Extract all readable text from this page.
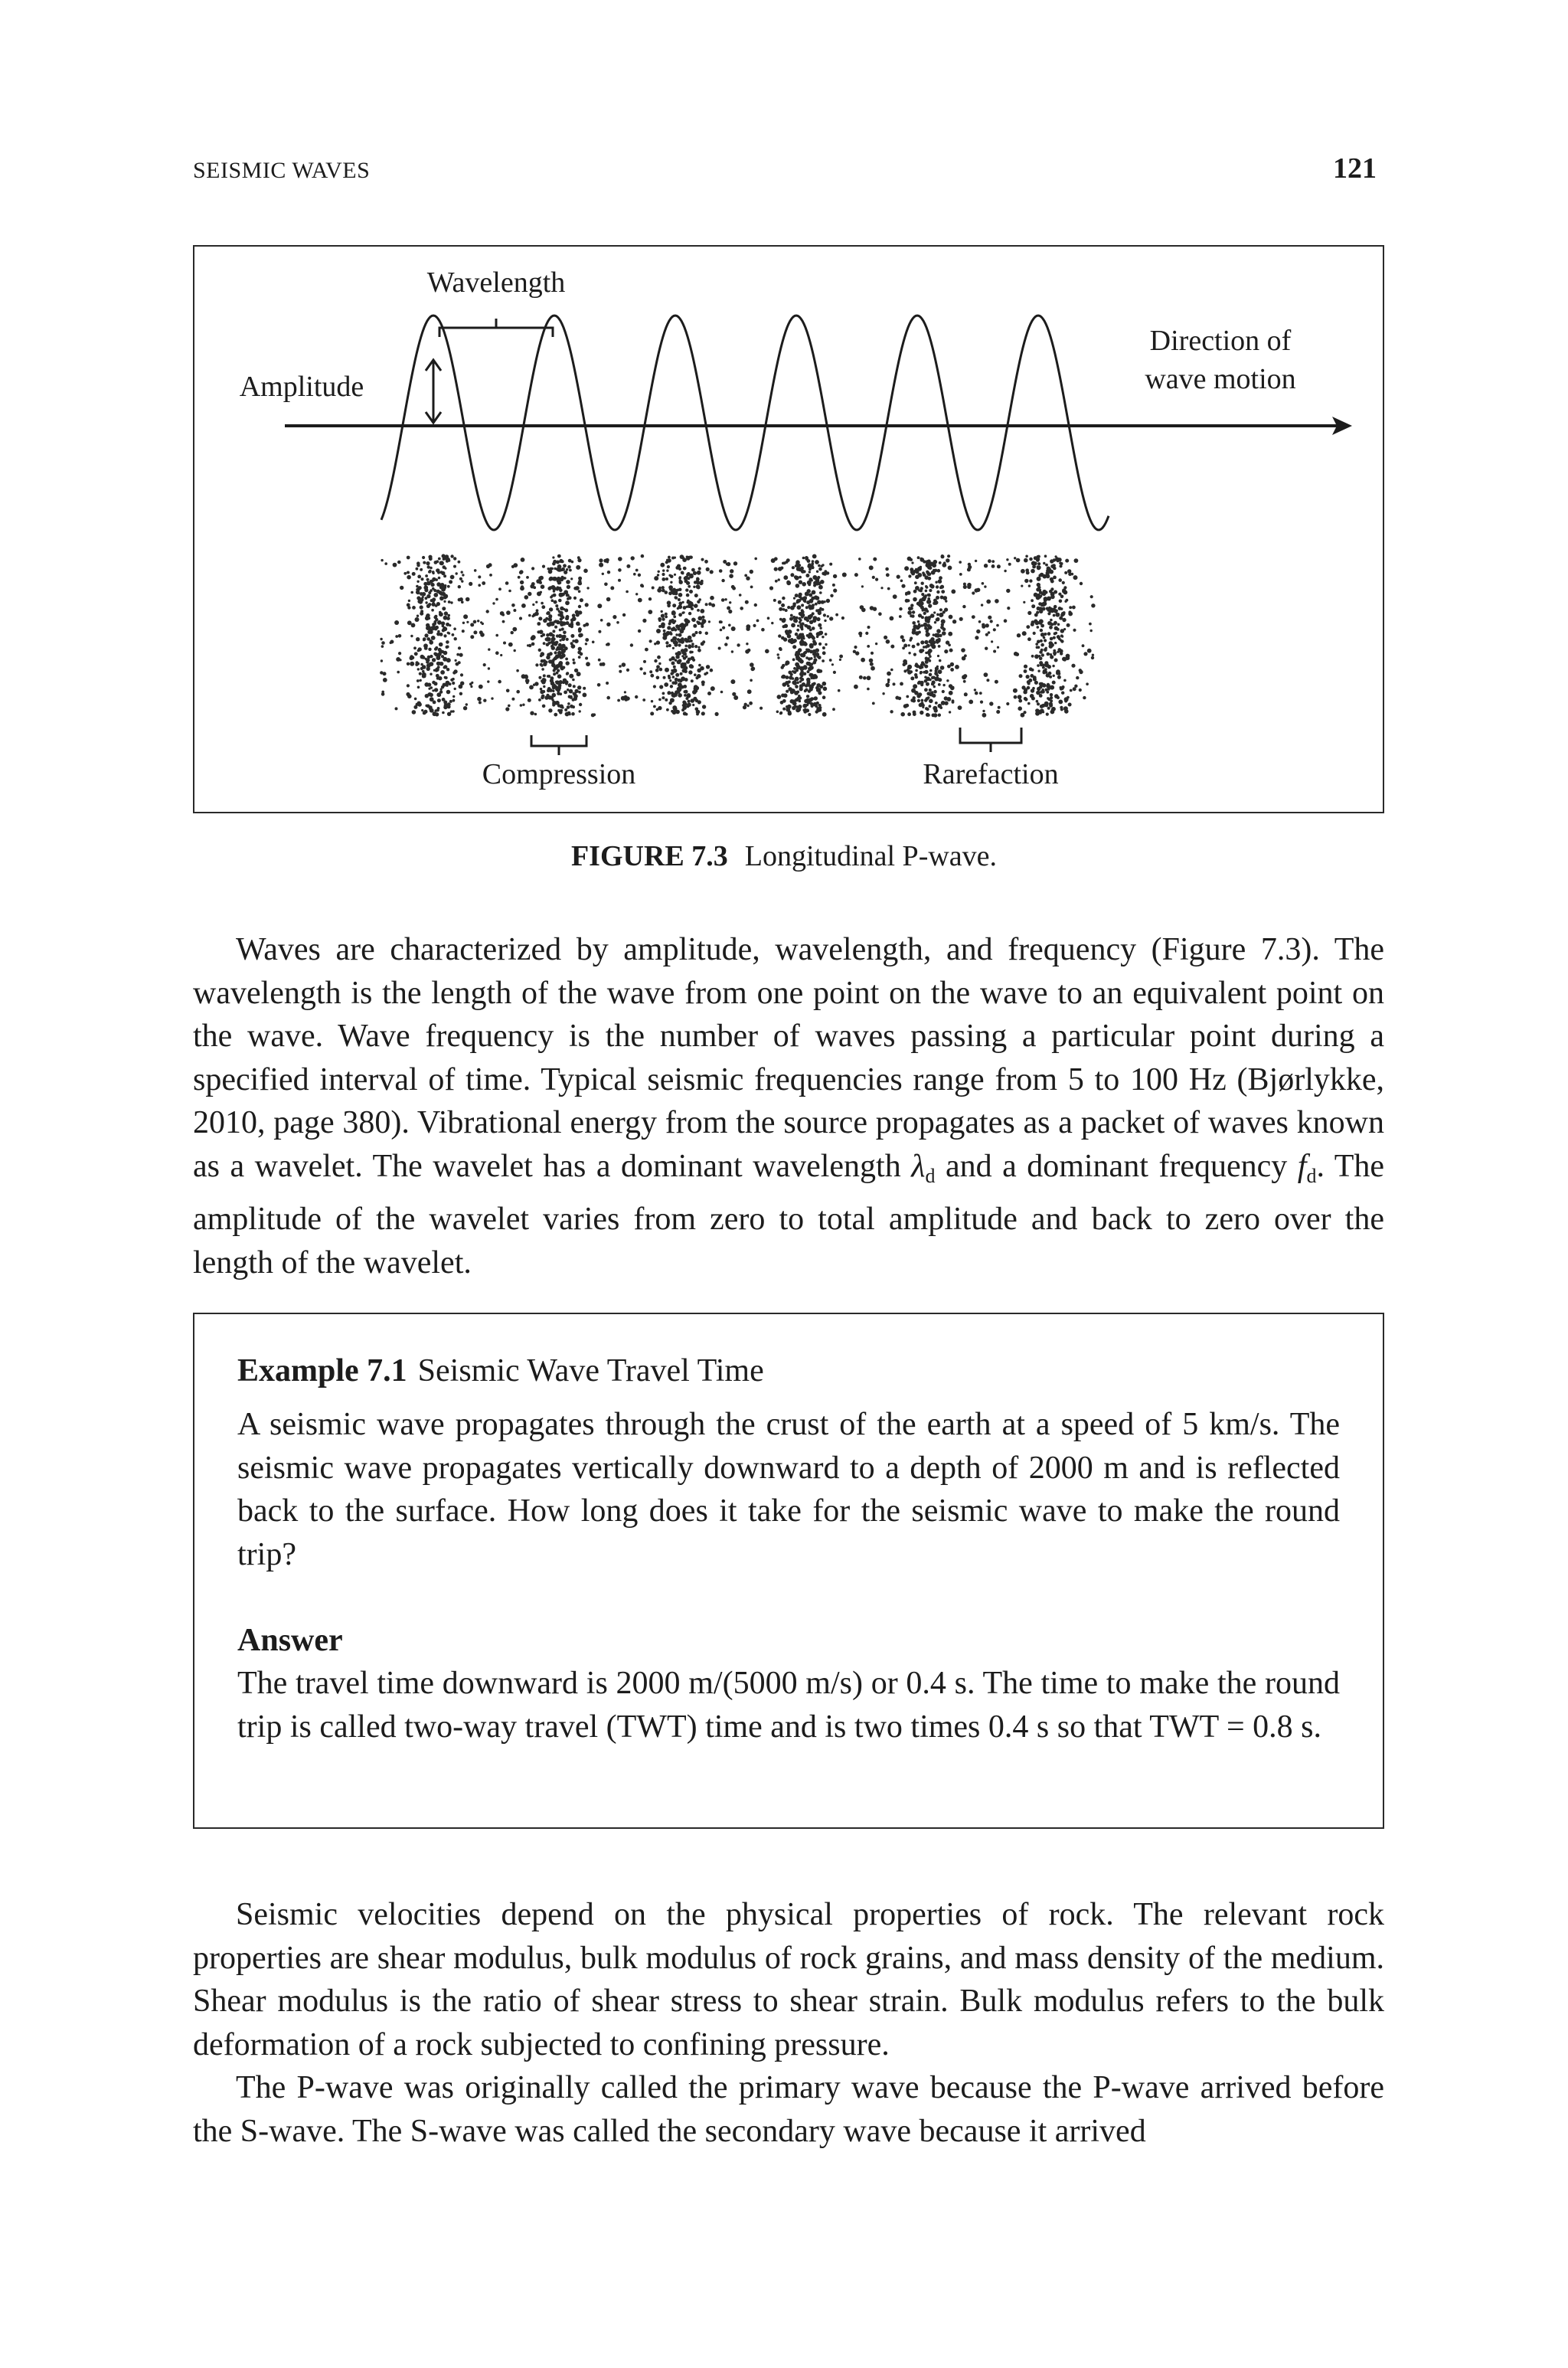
SEISMIC WAVES	121
Wavelength
Amplitude
Direction of
wave motion
Compression	Rarefaction
FIGURE 7.3 Longitudinal P-wave.
Waves are characterized by amplitude, wavelength, and frequency (Figure 7.3). The wavelength is the length of the wave from one point on the wave to an equivalent point on the wave. Wave frequency is the number of waves passing a particular point during a specified interval of time. Typical seismic frequencies range from 5 to 100 Hz (Bjørlykke, 2010, page 380). Vibrational energy from the source propagates as a packet of waves known as a wavelet. The wavelet has a dominant wavelength $\lambda_d$ and a dominant frequency $f_d$. The amplitude of the wavelet varies from zero to total amplitude and back to zero over the length of the wavelet.
Example 7.1 Seismic Wave Travel Time
A seismic wave propagates through the crust of the earth at a speed of 5 km/s. The seismic wave propagates vertically downward to a depth of 2000 m and is reflected back to the surface. How long does it take for the seismic wave to make the round trip?
Answer
The travel time downward is 2000 m/(5000 m/s) or 0.4 s. The time to make the round trip is called two-way travel (TWT) time and is two times 0.4 s so that TWT = 0.8 s.
Seismic velocities depend on the physical properties of rock. The relevant rock properties are shear modulus, bulk modulus of rock grains, and mass density of the medium. Shear modulus is the ratio of shear stress to shear strain. Bulk modulus refers to the bulk deformation of a rock subjected to confining pressure.
The P-wave was originally called the primary wave because the P-wave arrived before the S-wave. The S-wave was called the secondary wave because it arrived
